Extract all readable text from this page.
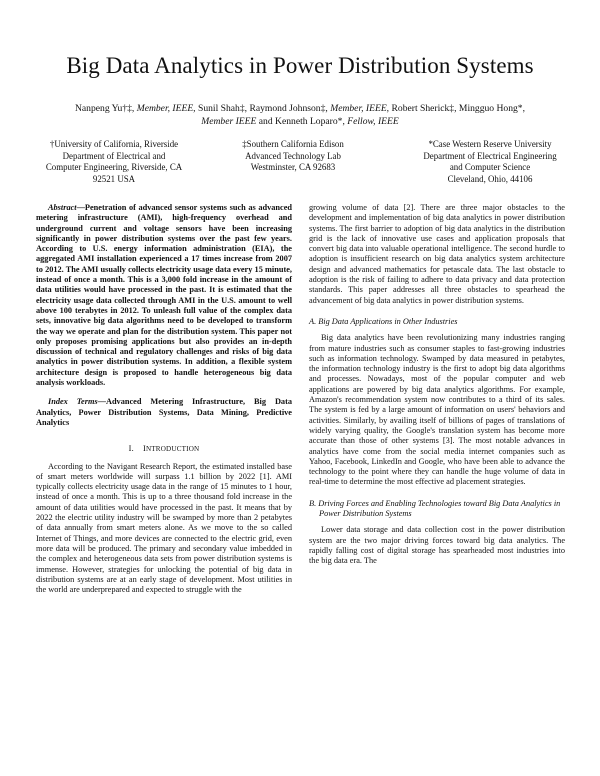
Big Data Analytics in Power Distribution Systems
Nanpeng Yu†‡, Member, IEEE, Sunil Shah‡, Raymond Johnson‡, Member, IEEE, Robert Sherick‡, Mingguo Hong*,
Member IEEE and Kenneth Loparo*, Fellow, IEEE
†University of California, Riverside
Department of Electrical and
Computer Engineering, Riverside, CA
92521 USA
‡Southern California Edison
Advanced Technology Lab
Westminster, CA 92683
*Case Western Reserve University
Department of Electrical Engineering
and Computer Science
Cleveland, Ohio, 44106

Abstract—Penetration of advanced sensor systems such as advanced metering infrastructure (AMI), high-frequency overhead and underground current and voltage sensors have been increasing significantly in power distribution systems over the past few years. According to U.S. energy information administration (EIA), the aggregated AMI installation experienced a 17 times increase from 2007 to 2012. The AMI usually collects electricity usage data every 15 minute, instead of once a month. This is a 3,000 fold increase in the amount of data utilities would have processed in the past. It is estimated that the electricity usage data collected through AMI in the U.S. amount to well above 100 terabytes in 2012. To unleash full value of the complex data sets, innovative big data algorithms need to be developed to transform the way we operate and plan for the distribution system. This paper not only proposes promising applications but also provides an in-depth discussion of technical and regulatory challenges and risks of big data analytics in power distribution systems. In addition, a flexible system architecture design is proposed to handle heterogeneous big data analysis workloads.

Index Terms—Advanced Metering Infrastructure, Big Data Analytics, Power Distribution Systems, Data Mining, Predictive Analytics

I. INTRODUCTION

According to the Navigant Research Report, the estimated installed base of smart meters worldwide will surpass 1.1 billion by 2022 [1]. AMI typically collects electricity usage data in the range of 15 minutes to 1 hour, instead of once a month. This is up to a three thousand fold increase in the amount of data utilities would have processed in the past. It means that by 2022 the electric utility industry will be swamped by more than 2 petabytes of data annually from smart meters alone. As we move to the so called Internet of Things, and more devices are connected to the electric grid, even more data will be produced. The primary and secondary value imbedded in the complex and heterogeneous data sets from power distribution systems is immense. However, strategies for unlocking the potential of big data in distribution systems are at an early stage of development. Most utilities in the world are underprepared and expected to struggle with the

growing volume of data [2]. There are three major obstacles to the development and implementation of big data analytics in power distribution systems. The first barrier to adoption of big data analytics in the distribution grid is the lack of innovative use cases and application proposals that convert big data into valuable operational intelligence. The second hurdle to adoption is insufficient research on big data analytics system architecture design and advanced mathematics for petascale data. The last obstacle to adoption is the risk of failing to adhere to data privacy and data protection standards. This paper addresses all three obstacles to spearhead the advancement of big data analytics in power distribution systems.

A. Big Data Applications in Other Industries

Big data analytics have been revolutionizing many industries ranging from mature industries such as consumer staples to fast-growing industries such as information technology. Swamped by data measured in petabytes, the information technology industry is the first to adopt big data algorithms and processes. Nowadays, most of the popular computer and web applications are powered by big data analytics algorithms. For example, Amazon's recommendation system now contributes to a third of its sales. The system is fed by a large amount of information on users' behaviors and activities. Similarly, by availing itself of billions of pages of translations of widely varying quality, the Google's translation system has become more accurate than those of other systems [3]. The most notable advances in analytics have come from the social media internet companies such as Yahoo, Facebook, LinkedIn and Google, who have been able to advance the technology to the point where they can handle the huge volume of data in real-time to determine the most effective ad placement strategies.

B. Driving Forces and Enabling Technologies toward Big Data Analytics in Power Distribution Systems

Lower data storage and data collection cost in the power distribution system are the two major driving forces toward big data analytics. The rapidly falling cost of digital storage has spearheaded most industries into the big data era. The
